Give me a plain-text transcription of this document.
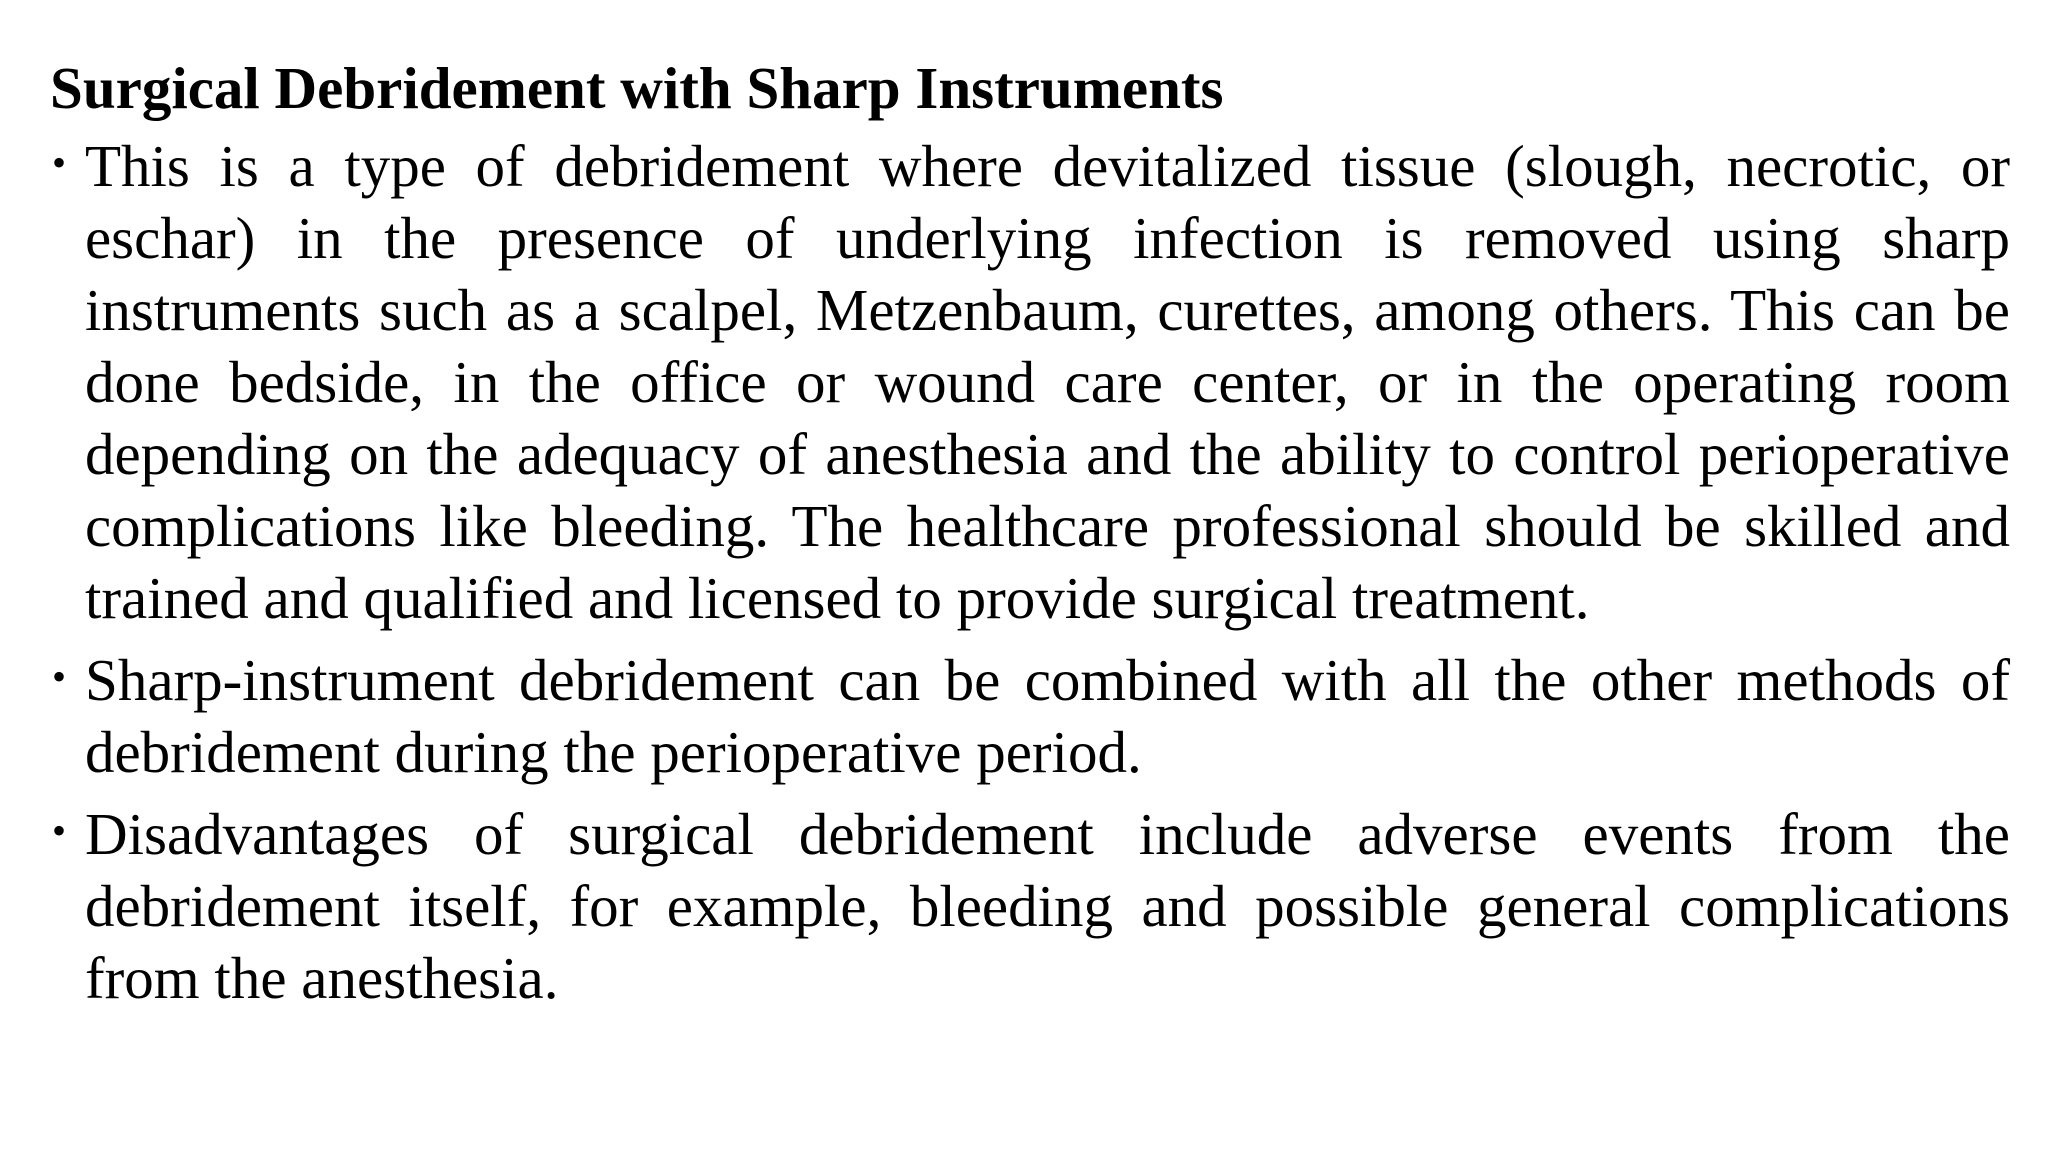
Surgical Debridement with Sharp Instruments
• This is a type of debridement where devitalized tissue (slough, necrotic, or eschar) in the presence of underlying infection is removed using sharp instruments such as a scalpel, Metzenbaum, curettes, among others. This can be done bedside, in the office or wound care center, or in the operating room depending on the adequacy of anesthesia and the ability to control perioperative complications like bleeding. The healthcare professional should be skilled and trained and qualified and licensed to provide surgical treatment.
• Sharp-instrument debridement can be combined with all the other methods of debridement during the perioperative period.
• Disadvantages of surgical debridement include adverse events from the debridement itself, for example, bleeding and possible general complications from the anesthesia.
